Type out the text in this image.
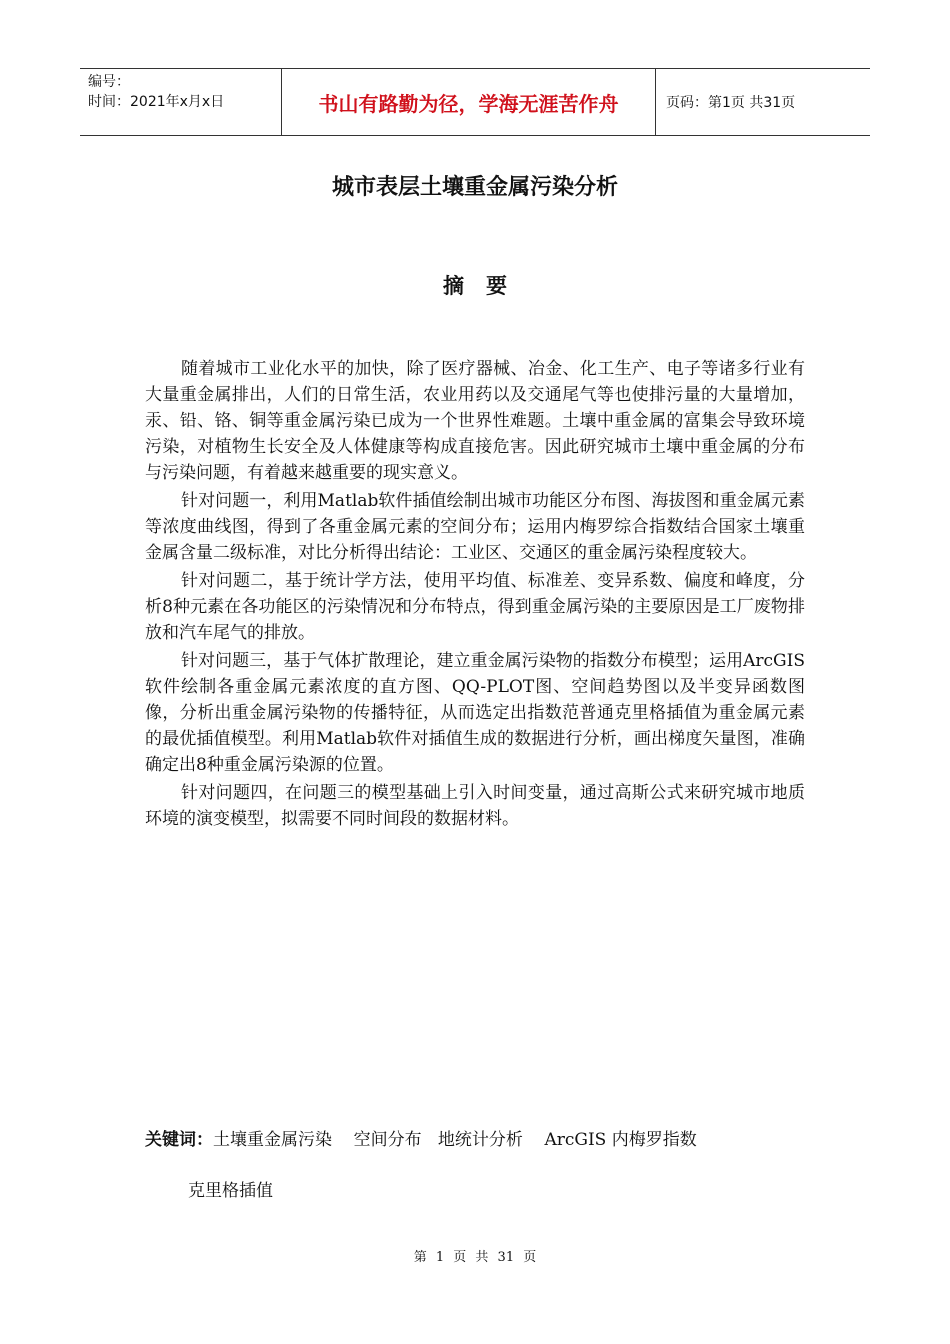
编号：
时间：2021年x月x日	书山有路勤为径，学海无涯苦作舟	页码：第1页 共31页
城市表层土壤重金属污染分析
摘要

随着城市工业化水平的加快，除了医疗器械、冶金、化工生产、电子等诸多行业有大量重金属排出，人们的日常生活，农业用药以及交通尾气等也使排污量的大量增加，汞、铅、铬、铜等重金属污染已成为一个世界性难题。土壤中重金属的富集会导致环境污染，对植物生长安全及人体健康等构成直接危害。因此研究城市土壤中重金属的分布与污染问题，有着越来越重要的现实意义。

针对问题一，利用Matlab软件插值绘制出城市功能区分布图、海拔图和重金属元素等浓度曲线图，得到了各重金属元素的空间分布；运用内梅罗综合指数结合国家土壤重金属含量二级标准，对比分析得出结论：工业区、交通区的重金属污染程度较大。

针对问题二，基于统计学方法，使用平均值、标准差、变异系数、偏度和峰度，分析8种元素在各功能区的污染情况和分布特点，得到重金属污染的主要原因是工厂废物排放和汽车尾气的排放。

针对问题三，基于气体扩散理论，建立重金属污染物的指数分布模型；运用ArcGIS 软件绘制各重金属元素浓度的直方图、QQ-PLOT图、空间趋势图以及半变异函数图像，分析出重金属污染物的传播特征，从而选定出指数范普通克里格插值为重金属元素的最优插值模型。利用Matlab软件对插值生成的数据进行分析，画出梯度矢量图，准确确定出8种重金属污染源的位置。

针对问题四，在问题三的模型基础上引入时间变量，通过高斯公式来研究城市地质环境的演变模型，拟需要不同时间段的数据材料。

关键词：土壤重金属污染    空间分布   地统计分析    ArcGIS 内梅罗指数
克里格插值
第 1 页 共 31 页
